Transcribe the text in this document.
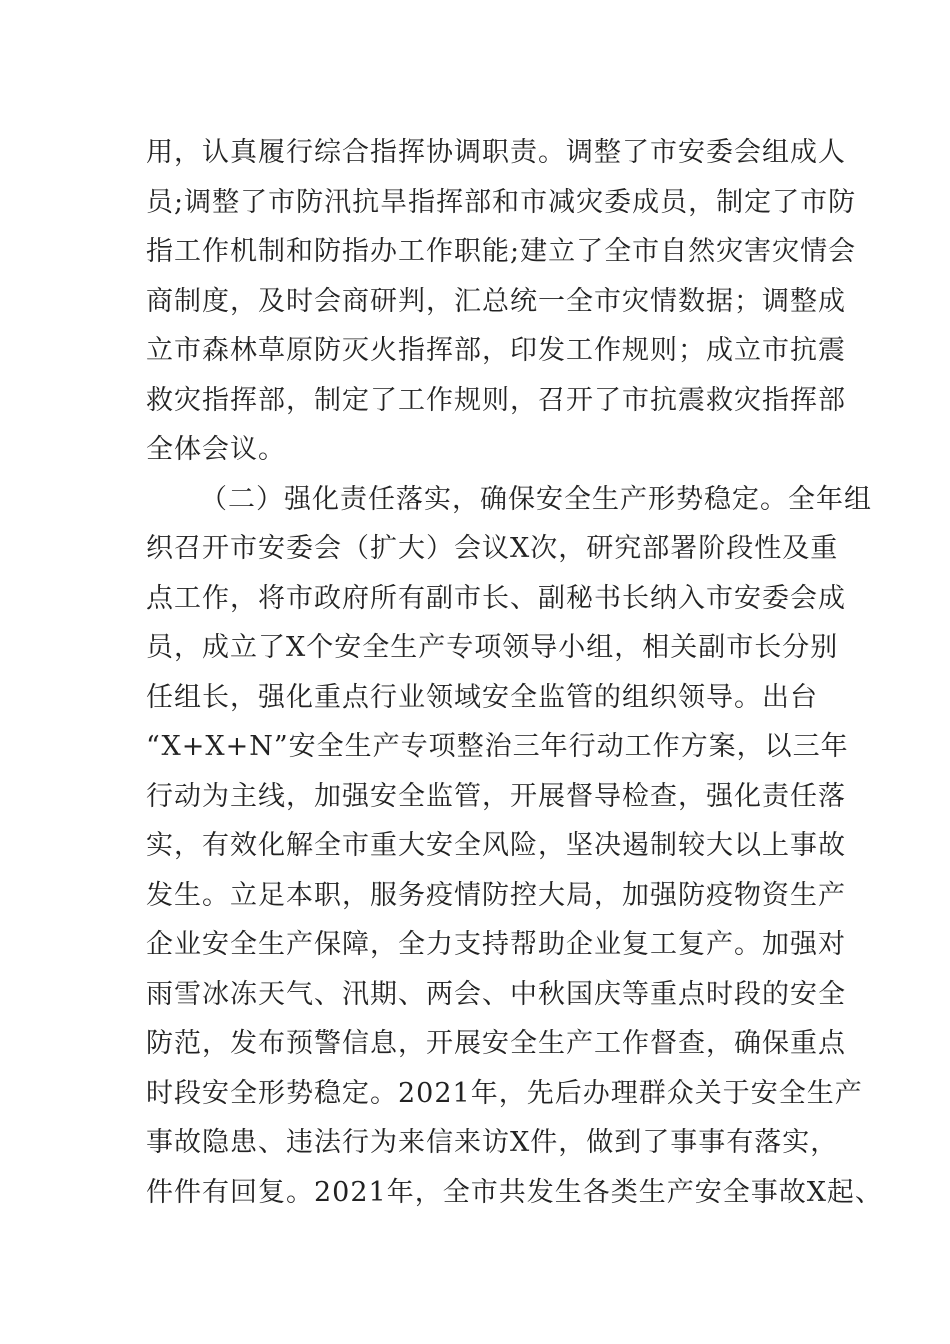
用，认真履行综合指挥协调职责。调整了市安委会组成人
员;调整了市防汛抗旱指挥部和市减灾委成员，制定了市防
指工作机制和防指办工作职能;建立了全市自然灾害灾情会
商制度，及时会商研判，汇总统一全市灾情数据；调整成
立市森林草原防灭火指挥部，印发工作规则；成立市抗震
救灾指挥部，制定了工作规则，召开了市抗震救灾指挥部
全体会议。
（二）强化责任落实，确保安全生产形势稳定。全年组
织召开市安委会（扩大）会议X次，研究部署阶段性及重
点工作，将市政府所有副市长、副秘书长纳入市安委会成
员，成立了X个安全生产专项领导小组，相关副市长分别
任组长，强化重点行业领域安全监管的组织领导。出台
“X+X+N”安全生产专项整治三年行动工作方案，以三年
行动为主线，加强安全监管，开展督导检查，强化责任落
实，有效化解全市重大安全风险，坚决遏制较大以上事故
发生。立足本职，服务疫情防控大局，加强防疫物资生产
企业安全生产保障，全力支持帮助企业复工复产。加强对
雨雪冰冻天气、汛期、两会、中秋国庆等重点时段的安全
防范，发布预警信息，开展安全生产工作督查，确保重点
时段安全形势稳定。2021年，先后办理群众关于安全生产
事故隐患、违法行为来信来访X件，做到了事事有落实，
件件有回复。2021年，全市共发生各类生产安全事故X起、
